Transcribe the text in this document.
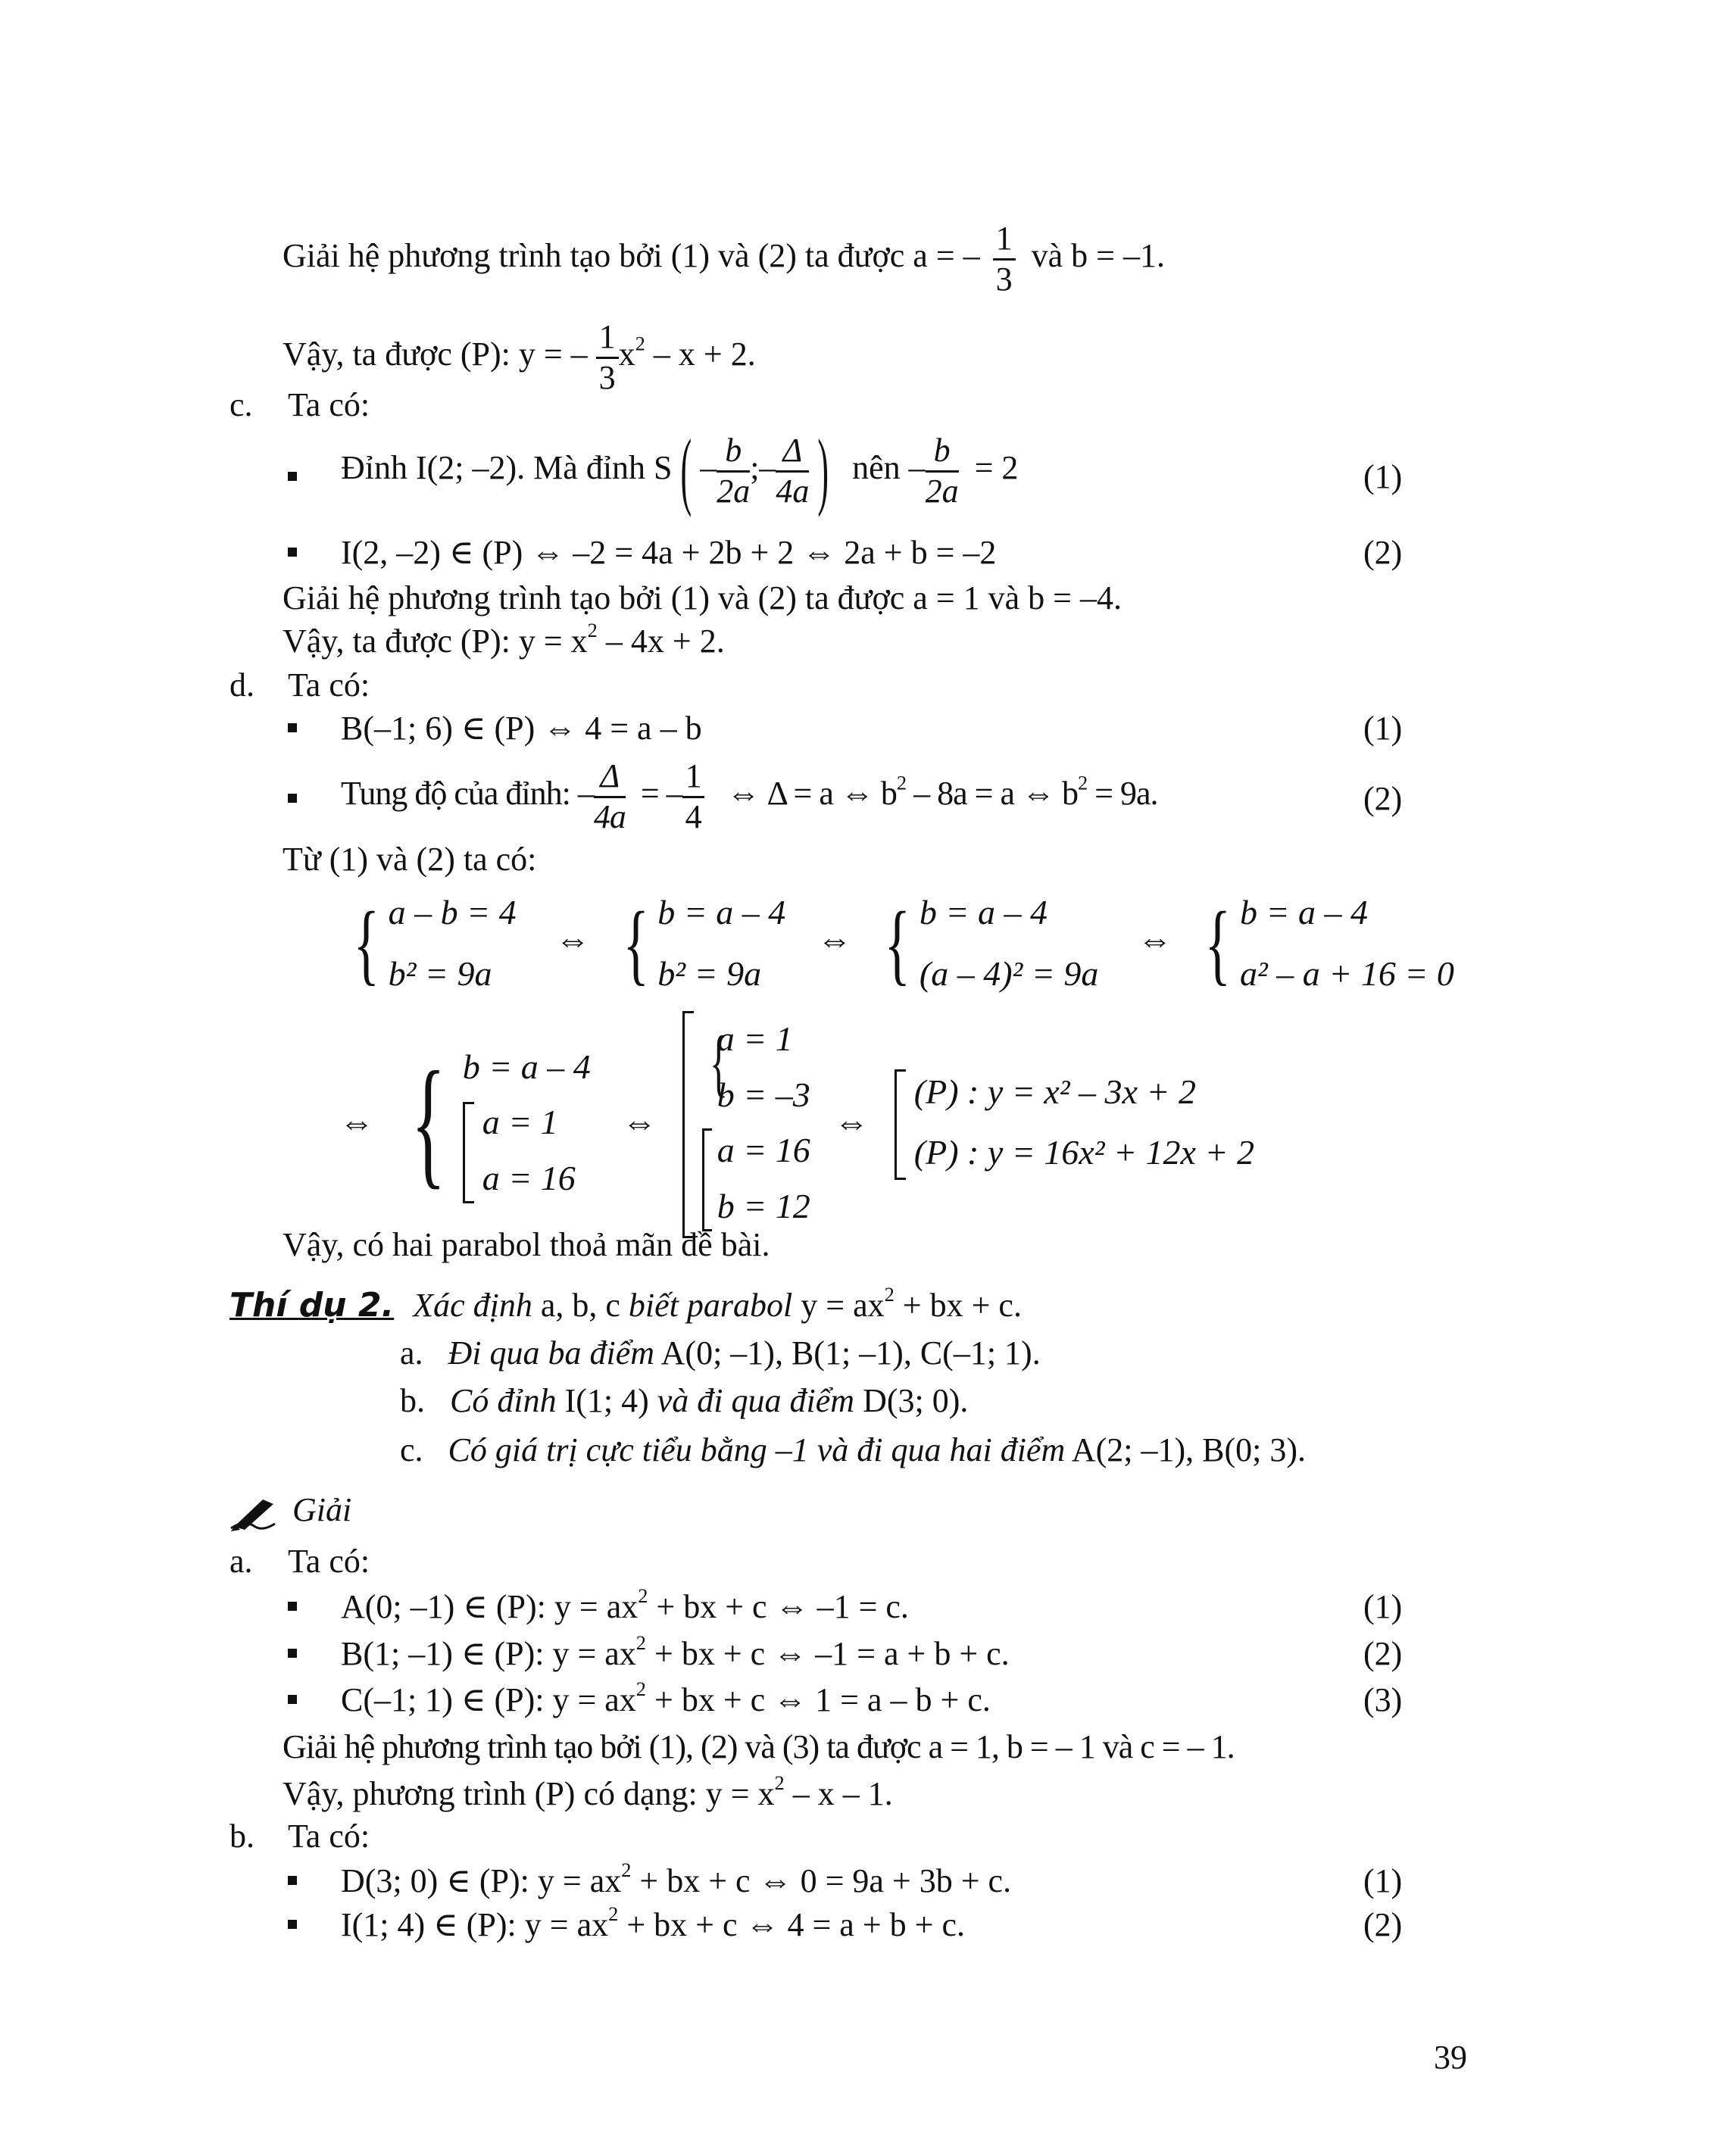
Giải hệ phương trình tạo bởi (1) và (2) ta được a = – $\frac{1}{3}$ và b = –1.
Vậy, ta được (P): y = – $\frac{1}{3} x^2 - x + 2$.
c. Ta có:
Đỉnh I(2; –2). Mà đỉnh S ( – $\frac{b}{2a}$ ;– $\frac{\Delta}{4a}$ ) nên – $\frac{b}{2a} = 2$	(1)
I(2, –2) ∈ (P) ⇔ –2 = 4a + 2b + 2 ⇔ 2a + b = –2	(2)
Giải hệ phương trình tạo bởi (1) và (2) ta được a = 1 và b = –4.
Vậy, ta được (P): $y = x^2 - 4x + 2$.
d. Ta có:
B(–1; 6) ∈ (P) ⇔ 4 = a – b	(1)
Tung độ của đỉnh: – $\frac{\Delta}{4a}$ = – $\frac{1}{4}$ ⇔ Δ = a ⇔ $b^2 - 8a = a$ ⇔ $b^2 = 9a$.	(2)
Từ (1) và (2) ta có:
{ a – b = 4
b² = 9a
⇔ { b = a – 4
b² = 9a
⇔ { b = a – 4
(a – 4)² = 9a
⇔ { b = a – 4
a² – a + 16 = 0
⇔ { b = a – 4
a = 1
a = 16
⇔
{
a = 1
b = –3
a = 16
b = 12
⇔
(P) : y = x² – 3x + 2
(P) : y = 16x² + 12x + 2
Vậy, có hai parabol thoả mãn đề bài.
Thí dụ 2. Xác định a, b, c biết parabol $y = ax^2$ + bx + c.
a. Đi qua ba điểm A(0; –1), B(1; –1), C(–1; 1).
b. Có đỉnh I(1; 4) và đi qua điểm D(3; 0).
c. Có giá trị cực tiểu bằng –1 và đi qua hai điểm A(2; –1), B(0; 3).
Giải
a. Ta có:
A(0; –1) ∈ (P): $y = ax^2$ + bx + c ⇔ –1 = c.	(1)
B(1; –1) ∈ (P): $y = ax^2$ + bx + c ⇔ –1 = a + b + c.	(2)
C(–1; 1) ∈ (P): $y = ax^2$ + bx + c ⇔ 1 = a – b + c.	(3)
Giải hệ phương trình tạo bởi (1), (2) và (3) ta được a = 1, b = – 1 và c = – 1.
Vậy, phương trình (P) có dạng: $y = x^2 - x - 1$.
b. Ta có:
D(3; 0) ∈ (P): $y = ax^2$ + bx + c ⇔ 0 = 9a + 3b + c.	(1)
I(1; 4) ∈ (P): $y = ax^2$ + bx + c ⇔ 4 = a + b + c.	(2)
39
